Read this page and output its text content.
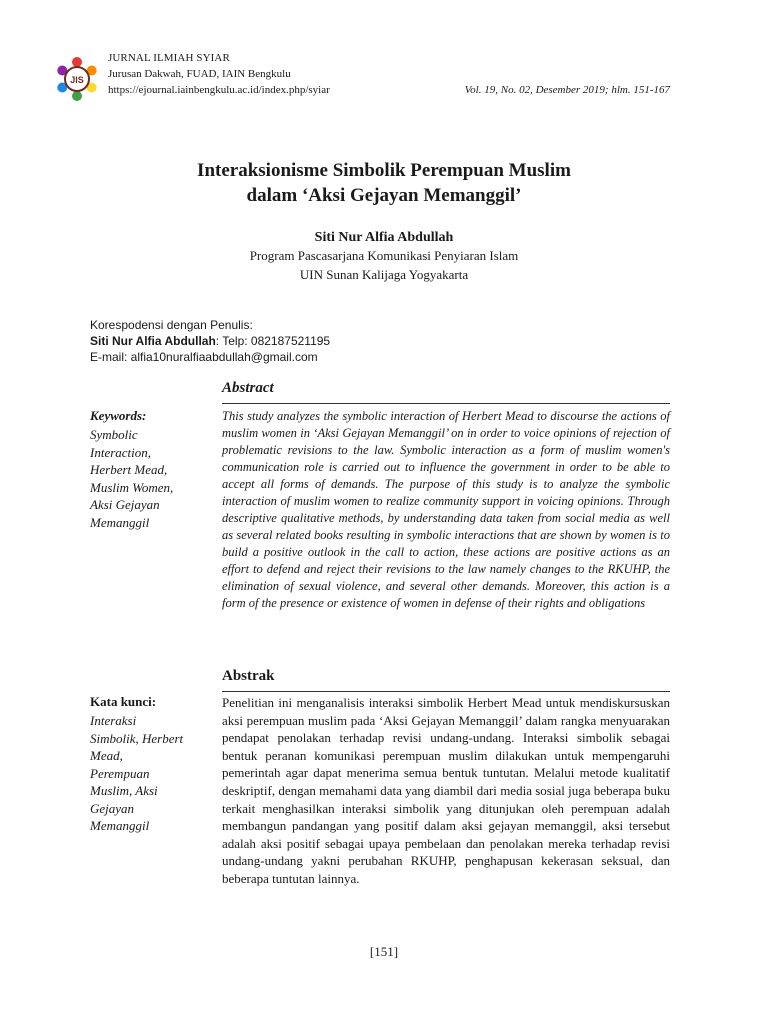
JIS
JURNAL ILMIAH SYIAR
Jurusan Dakwah, FUAD, IAIN Bengkulu
https://ejournal.iainbengkulu.ac.id/index.php/syiar	Vol. 19, No. 02, Desember 2019; hlm. 151-167
Interaksionisme Simbolik Perempuan Muslim
dalam ‘Aksi Gejayan Memanggil’
Siti Nur Alfia Abdullah
Program Pascasarjana Komunikasi Penyiaran Islam
UIN Sunan Kalijaga Yogyakarta
Korespodensi dengan Penulis:
Siti Nur Alfia Abdullah: Telp: 082187521195
E-mail: alfia10nuralfiaabdullah@gmail.com
Abstract
Keywords:
Symbolic
Interaction,
Herbert Mead,
Muslim Women,
Aksi Gejayan
Memanggil

This study analyzes the symbolic interaction of Herbert Mead to discourse the actions of muslim women in ‘Aksi Gejayan Memanggil’ on in order to voice opinions of rejection of problematic revisions to the law. Symbolic interaction as a form of muslim women's communication role is carried out to influence the government in order to be able to accept all forms of demands. The purpose of this study is to analyze the symbolic interaction of muslim women to realize community support in voicing opinions. Through descriptive qualitative methods, by understanding data taken from social media as well as several related books resulting in symbolic interactions that are shown by women is to build a positive outlook in the call to action, these actions are positive actions as an effort to defend and reject their revisions to the law namely changes to the RKUHP, the elimination of sexual violence, and several other demands. Moreover, this action is a form of the presence or existence of women in defense of their rights and obligations

Abstrak
Kata kunci:
Interaksi
Simbolik, Herbert
Mead,
Perempuan
Muslim, Aksi
Gejayan
Memanggil

Penelitian ini menganalisis interaksi simbolik Herbert Mead untuk mendiskursuskan aksi perempuan muslim pada ‘Aksi Gejayan Memanggil’ dalam rangka menyuarakan pendapat penolakan terhadap revisi undang-undang. Interaksi simbolik sebagai bentuk peranan komunikasi perempuan muslim dilakukan untuk mempengaruhi pemerintah agar dapat menerima semua bentuk tuntutan. Melalui metode kualitatif deskriptif, dengan memahami data yang diambil dari media sosial juga beberapa buku terkait menghasilkan interaksi simbolik yang ditunjukan oleh perempuan adalah membangun pandangan yang positif dalam aksi gejayan memanggil, aksi tersebut adalah aksi positif sebagai upaya pembelaan dan penolakan mereka terhadap revisi undang-undang yakni perubahan RKUHP, penghapusan kekerasan seksual, dan beberapa tuntutan lainnya.

[151]
